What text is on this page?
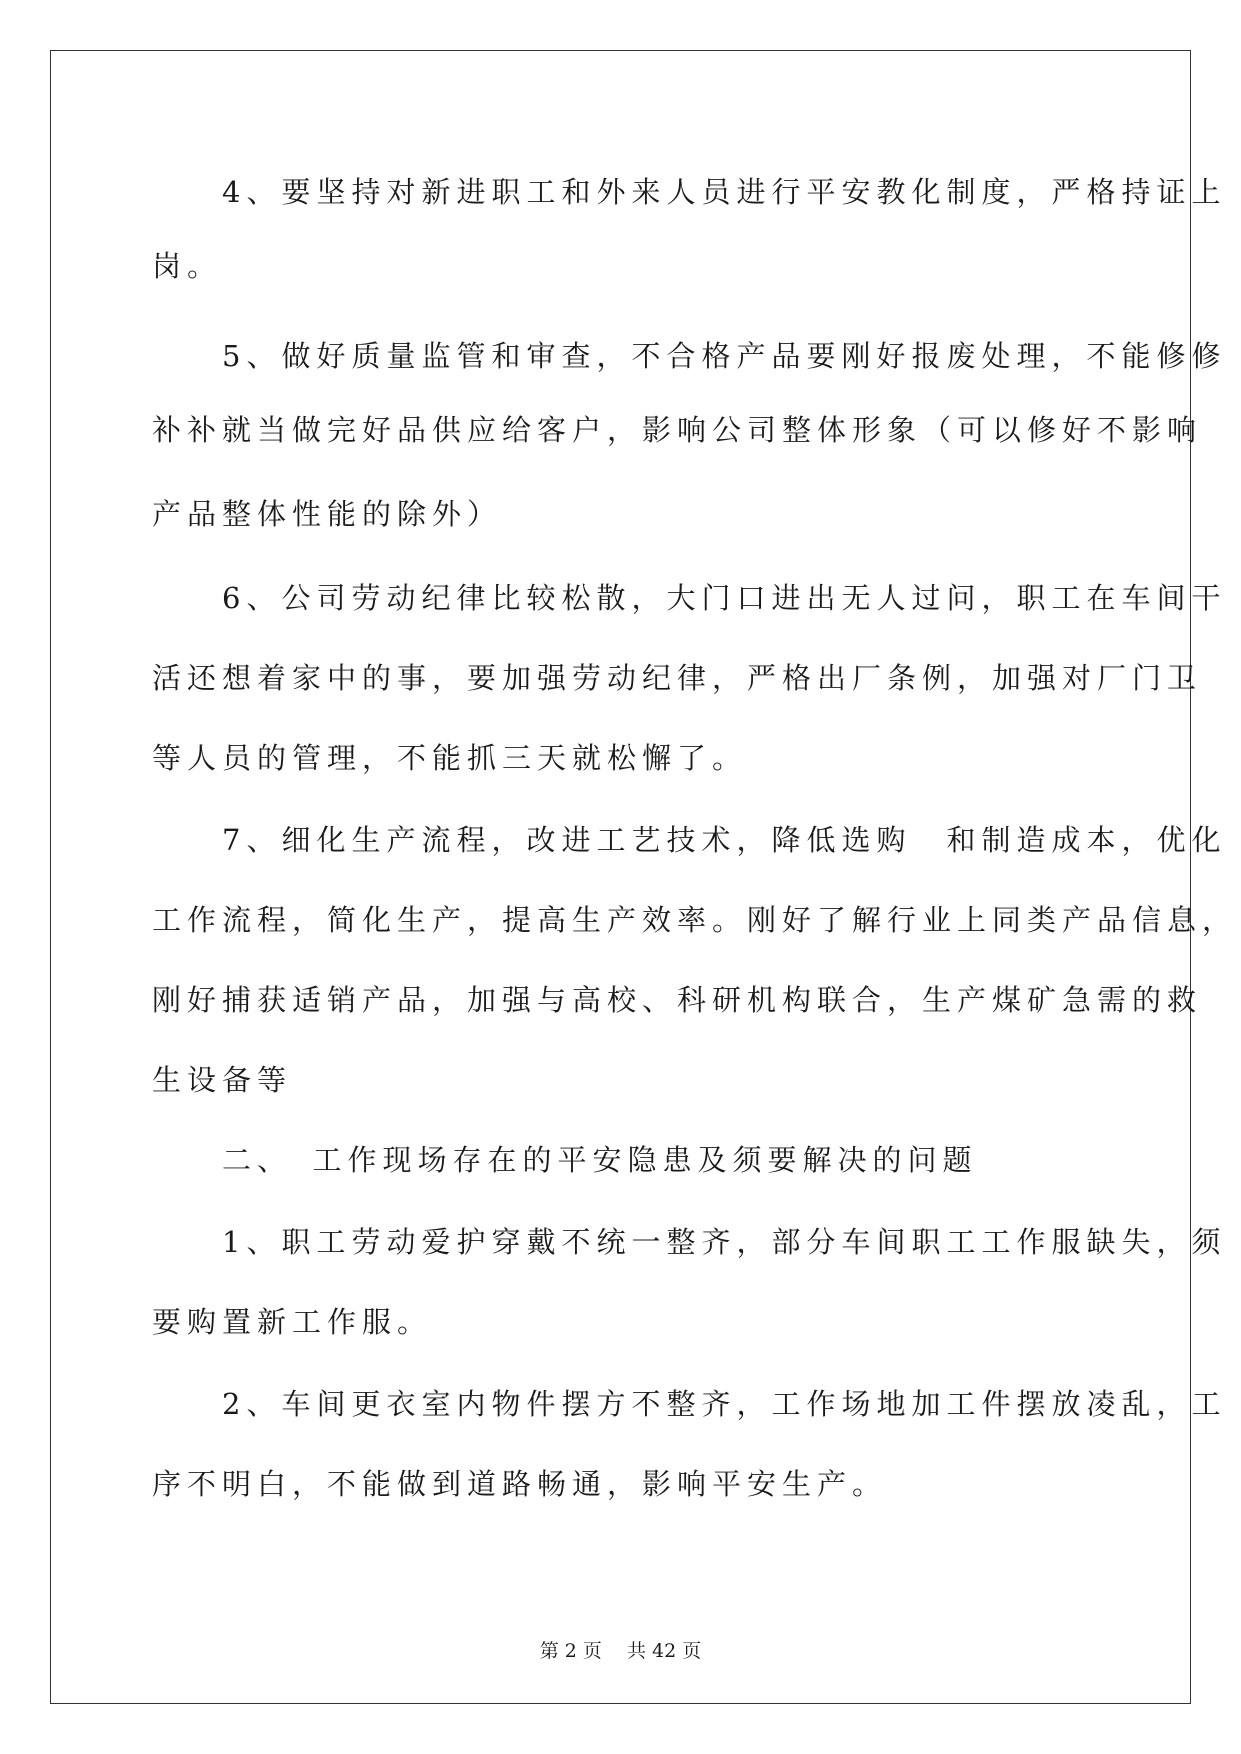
　　4、要坚持对新进职工和外来人员进行平安教化制度，严格持证上
岗。
　　5、做好质量监管和审查，不合格产品要刚好报废处理，不能修修
补补就当做完好品供应给客户，影响公司整体形象（可以修好不影响
产品整体性能的除外）
　　6、公司劳动纪律比较松散，大门口进出无人过问，职工在车间干
活还想着家中的事，要加强劳动纪律，严格出厂条例，加强对厂门卫
等人员的管理，不能抓三天就松懈了。
　　7、细化生产流程，改进工艺技术，降低选购　和制造成本，优化
工作流程，简化生产，提高生产效率。刚好了解行业上同类产品信息，
刚好捕获适销产品，加强与高校、科研机构联合，生产煤矿急需的救
生设备等
　　二、　工作现场存在的平安隐患及须要解决的问题
　　1、职工劳动爱护穿戴不统一整齐，部分车间职工工作服缺失，须
要购置新工作服。
　　2、车间更衣室内物件摆方不整齐，工作场地加工件摆放凌乱，工
序不明白，不能做到道路畅通，影响平安生产。
第 2 页　 共 42 页
